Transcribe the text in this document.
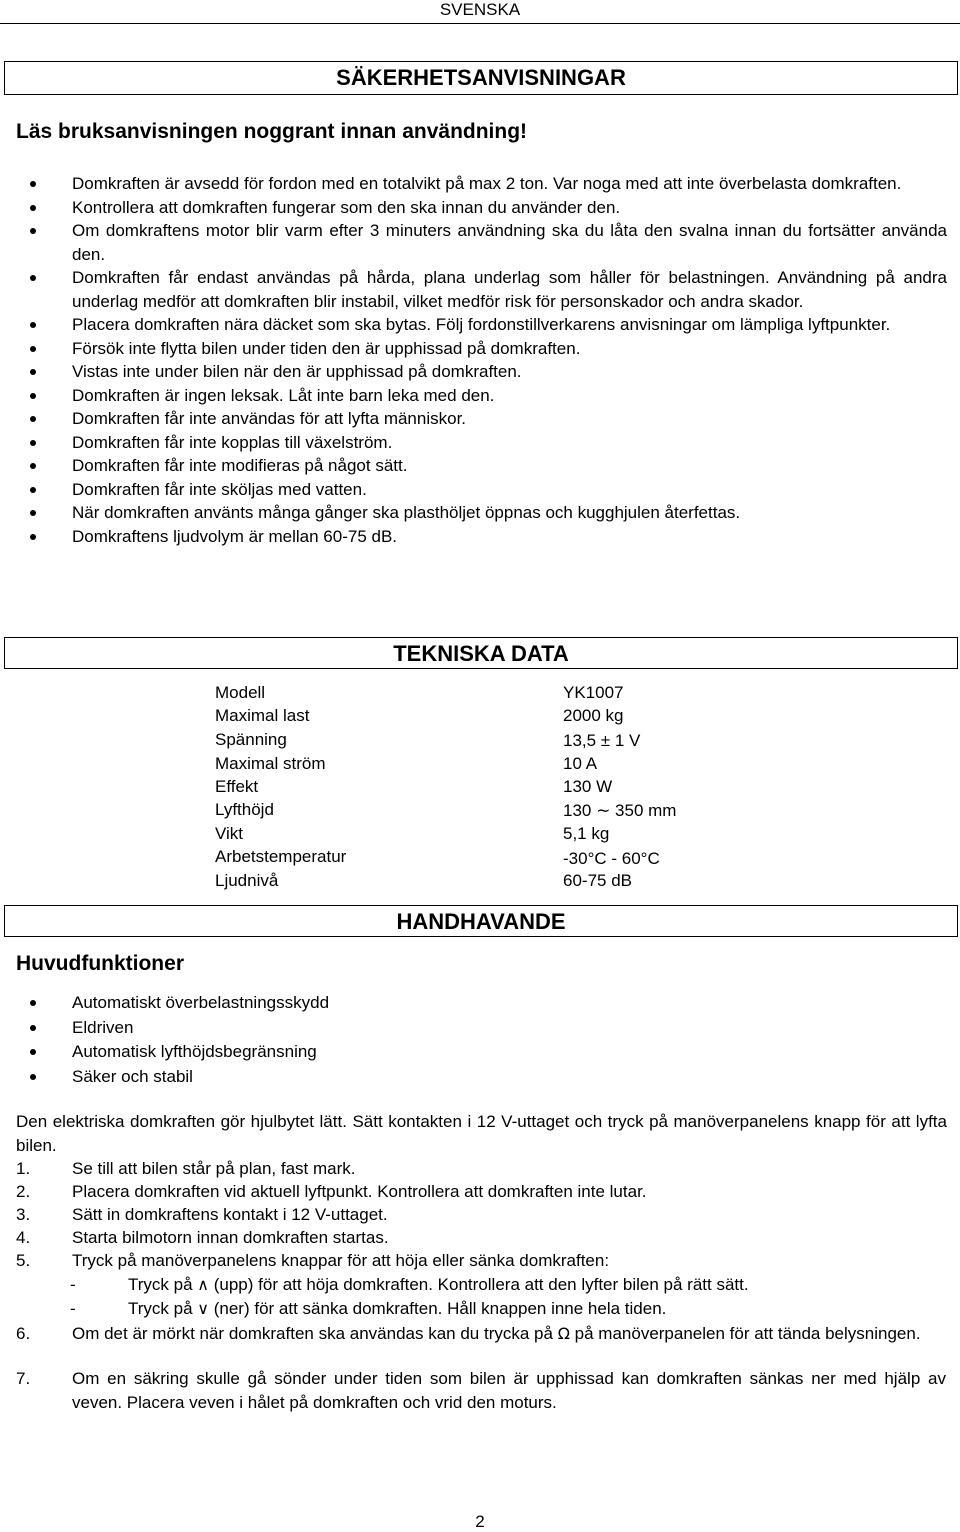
SVENSKA
SÄKERHETSANVISNINGAR
Läs bruksanvisningen noggrant innan användning!
Domkraften är avsedd för fordon med en totalvikt på max 2 ton. Var noga med att inte överbelasta domkraften.
Kontrollera att domkraften fungerar som den ska innan du använder den.
Om domkraftens motor blir varm efter 3 minuters användning ska du låta den svalna innan du fortsätter använda den.
Domkraften får endast användas på hårda, plana underlag som håller för belastningen. Användning på andra underlag medför att domkraften blir instabil, vilket medför risk för personskador och andra skador.
Placera domkraften nära däcket som ska bytas. Följ fordonstillverkarens anvisningar om lämpliga lyftpunkter.
Försök inte flytta bilen under tiden den är upphissad på domkraften.
Vistas inte under bilen när den är upphissad på domkraften.
Domkraften är ingen leksak. Låt inte barn leka med den.
Domkraften får inte användas för att lyfta människor.
Domkraften får inte kopplas till växelström.
Domkraften får inte modifieras på något sätt.
Domkraften får inte sköljas med vatten.
När domkraften använts många gånger ska plasthöljet öppnas och kugghjulen återfettas.
Domkraftens ljudvolym är mellan 60-75 dB.
TEKNISKA DATA
Modell	YK1007
Maximal last	2000 kg
Spänning	13,5 ± 1 V
Maximal ström	10 A
Effekt	130 W
Lyfthöjd	130 ∼ 350 mm
Vikt	5,1 kg
Arbetstemperatur	-30°C - 60°C
Ljudnivå	60-75 dB
HANDHAVANDE
Huvudfunktioner
Automatiskt överbelastningsskydd
Eldriven
Automatisk lyfthöjdsbegränsning
Säker och stabil
Den elektriska domkraften gör hjulbytet lätt. Sätt kontakten i 12 V-uttaget och tryck på manöverpanelens knapp för att lyfta bilen.
1. Se till att bilen står på plan, fast mark.
2. Placera domkraften vid aktuell lyftpunkt. Kontrollera att domkraften inte lutar.
3. Sätt in domkraftens kontakt i 12 V-uttaget.
4. Starta bilmotorn innan domkraften startas.
5. Tryck på manöverpanelens knappar för att höja eller sänka domkraften:
-	Tryck på ∧ (upp) för att höja domkraften. Kontrollera att den lyfter bilen på rätt sätt.
-	Tryck på ∨ (ner) för att sänka domkraften. Håll knappen inne hela tiden.
6. Om det är mörkt när domkraften ska användas kan du trycka på Ω på manöverpanelen för att tända belysningen.
7. Om en säkring skulle gå sönder under tiden som bilen är upphissad kan domkraften sänkas ner med hjälp av veven. Placera veven i hålet på domkraften och vrid den moturs.
2
